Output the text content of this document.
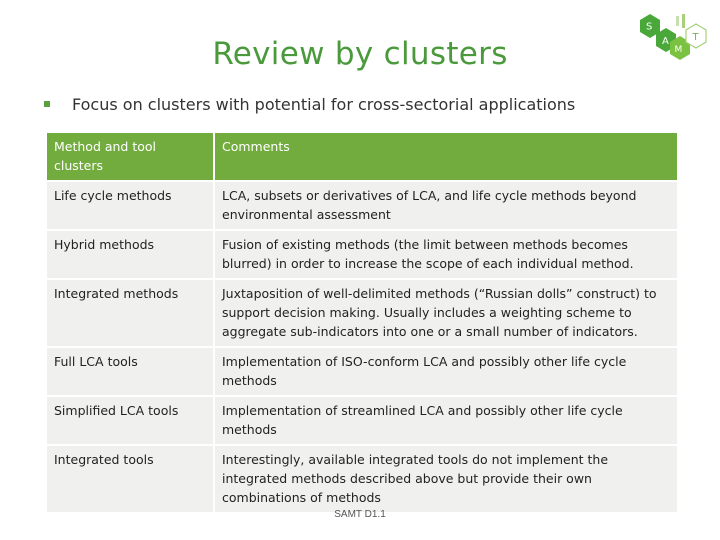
Review by clusters
S
A
M
T
Focus on clusters with potential for cross-sectorial applications
Method and tool clusters	Comments
Life cycle methods	LCA, subsets or derivatives of LCA, and life cycle methods beyond environmental assessment
Hybrid methods	Fusion of existing methods (the limit between methods becomes blurred) in order to increase the scope of each individual method.
Integrated methods	Juxtaposition of well-delimited methods (“Russian dolls” construct) to support decision making. Usually includes a weighting scheme to aggregate sub-indicators into one or a small number of indicators.
Full LCA tools	Implementation of ISO-conform LCA and possibly other life cycle methods
Simplified LCA tools	Implementation of streamlined LCA and possibly other life cycle methods
Integrated tools	Interestingly, available integrated tools do not implement the integrated methods described above but provide their own combinations of methods
SAMT D1.1
